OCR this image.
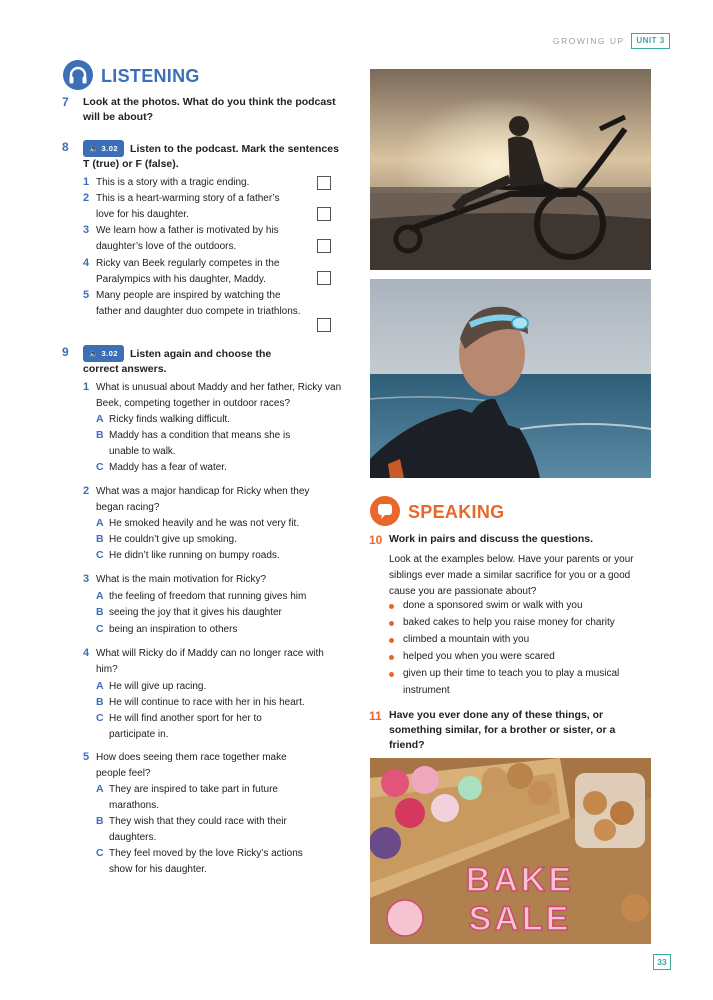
GROWING UP	UNIT 3
LISTENING
7 Look at the photos. What do you think the podcast will be about?
8	🔈 3.02 Listen to the podcast. Mark the sentences T (true) or F (false).
1 This is a story with a tragic ending.
2 This is a heart-warming story of a father’s love for his daughter.
3 We learn how a father is motivated by his daughter’s love of the outdoors.
4 Ricky van Beek regularly competes in the Paralympics with his daughter, Maddy.
5 Many people are inspired by watching the father and daughter duo compete in triathlons.
9	🔈 3.02 Listen again and choose the correct answers.
1 What is unusual about Maddy and her father, Ricky van Beek, competing together in outdoor races?
A Ricky finds walking difficult.
B Maddy has a condition that means she is unable to walk.
C Maddy has a fear of water.
2 What was a major handicap for Ricky when they began racing?
A He smoked heavily and he was not very fit.
B He couldn’t give up smoking.
C He didn’t like running on bumpy roads.
3 What is the main motivation for Ricky?
A the feeling of freedom that running gives him
B seeing the joy that it gives his daughter
C being an inspiration to others
4 What will Ricky do if Maddy can no longer race with him?
A He will give up racing.
B He will continue to race with her in his heart.
C He will find another sport for her to participate in.
5 How does seeing them race together make people feel?
A They are inspired to take part in future marathons.
B They wish that they could race with their daughters.
C They feel moved by the love Ricky’s actions show for his daughter.
SPEAKING
10 Work in pairs and discuss the questions.
Look at the examples below. Have your parents or your siblings ever made a similar sacrifice for you or a good cause you are passionate about?
done a sponsored swim or walk with you
baked cakes to help you raise money for charity
climbed a mountain with you
helped you when you were scared
given up their time to teach you to play a musical instrument
11 Have you ever done any of these things, or something similar, for a brother or sister, or a friend?
BAKE
SALE
33
